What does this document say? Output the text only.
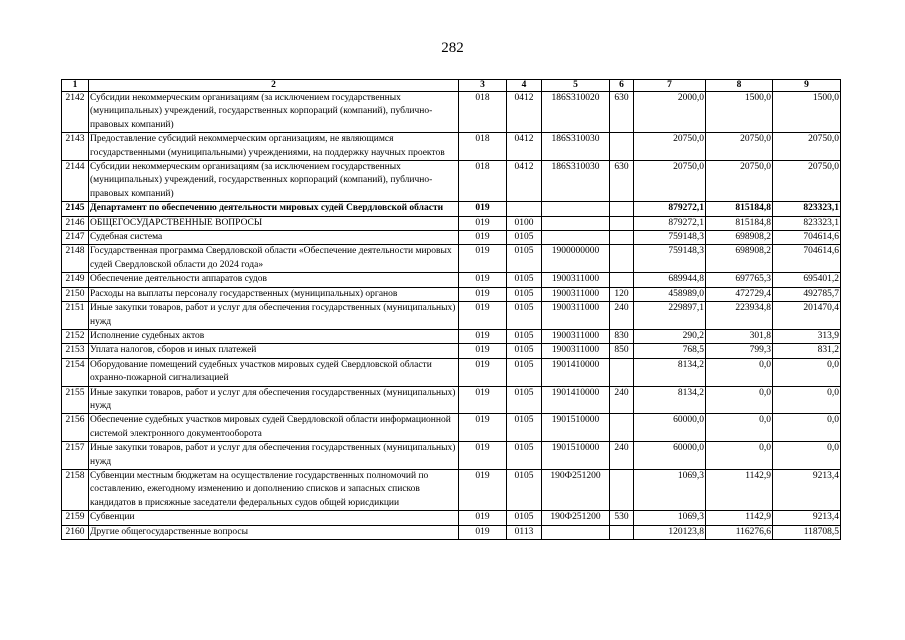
282
1	2	3	4	5	6	7	8	9
2142	Субсидии некоммерческим организациям (за исключением государственных (муниципальных) учреждений, государственных корпораций (компаний), публично-правовых компаний)	018	0412	186S310020	630	2000,0	1500,0	1500,0
2143	Предоставление субсидий некоммерческим организациям, не являющимся государственными (муниципальными) учреждениями, на поддержку научных проектов	018	0412	186S310030		20750,0	20750,0	20750,0
2144	Субсидии некоммерческим организациям (за исключением государственных (муниципальных) учреждений, государственных корпораций (компаний), публично-правовых компаний)	018	0412	186S310030	630	20750,0	20750,0	20750,0
2145	Департамент по обеспечению деятельности мировых судей Свердловской области	019				879272,1	815184,8	823323,1
2146	ОБЩЕГОСУДАРСТВЕННЫЕ ВОПРОСЫ	019	0100			879272,1	815184,8	823323,1
2147	Судебная система	019	0105			759148,3	698908,2	704614,6
2148	Государственная программа Свердловской области «Обеспечение деятельности мировых судей Свердловской области до 2024 года»	019	0105	1900000000		759148,3	698908,2	704614,6
2149	Обеспечение деятельности аппаратов судов	019	0105	1900311000		689944,8	697765,3	695401,2
2150	Расходы на выплаты персоналу государственных (муниципальных) органов	019	0105	1900311000	120	458989,0	472729,4	492785,7
2151	Иные закупки товаров, работ и услуг для обеспечения государственных (муниципальных) нужд	019	0105	1900311000	240	229897,1	223934,8	201470,4
2152	Исполнение судебных актов	019	0105	1900311000	830	290,2	301,8	313,9
2153	Уплата налогов, сборов и иных платежей	019	0105	1900311000	850	768,5	799,3	831,2
2154	Оборудование помещений судебных участков мировых судей Свердловской области охранно-пожарной сигнализацией	019	0105	1901410000		8134,2	0,0	0,0
2155	Иные закупки товаров, работ и услуг для обеспечения государственных (муниципальных) нужд	019	0105	1901410000	240	8134,2	0,0	0,0
2156	Обеспечение судебных участков мировых судей Свердловской области информационной системой электронного документооборота	019	0105	1901510000		60000,0	0,0	0,0
2157	Иные закупки товаров, работ и услуг для обеспечения государственных (муниципальных) нужд	019	0105	1901510000	240	60000,0	0,0	0,0
2158	Субвенции местным бюджетам на осуществление государственных полномочий по составлению, ежегодному изменению и дополнению списков и запасных списков кандидатов в присяжные заседатели федеральных судов общей юрисдикции	019	0105	190Ф251200		1069,3	1142,9	9213,4
2159	Субвенции	019	0105	190Ф251200	530	1069,3	1142,9	9213,4
2160	Другие общегосударственные вопросы	019	0113			120123,8	116276,6	118708,5
